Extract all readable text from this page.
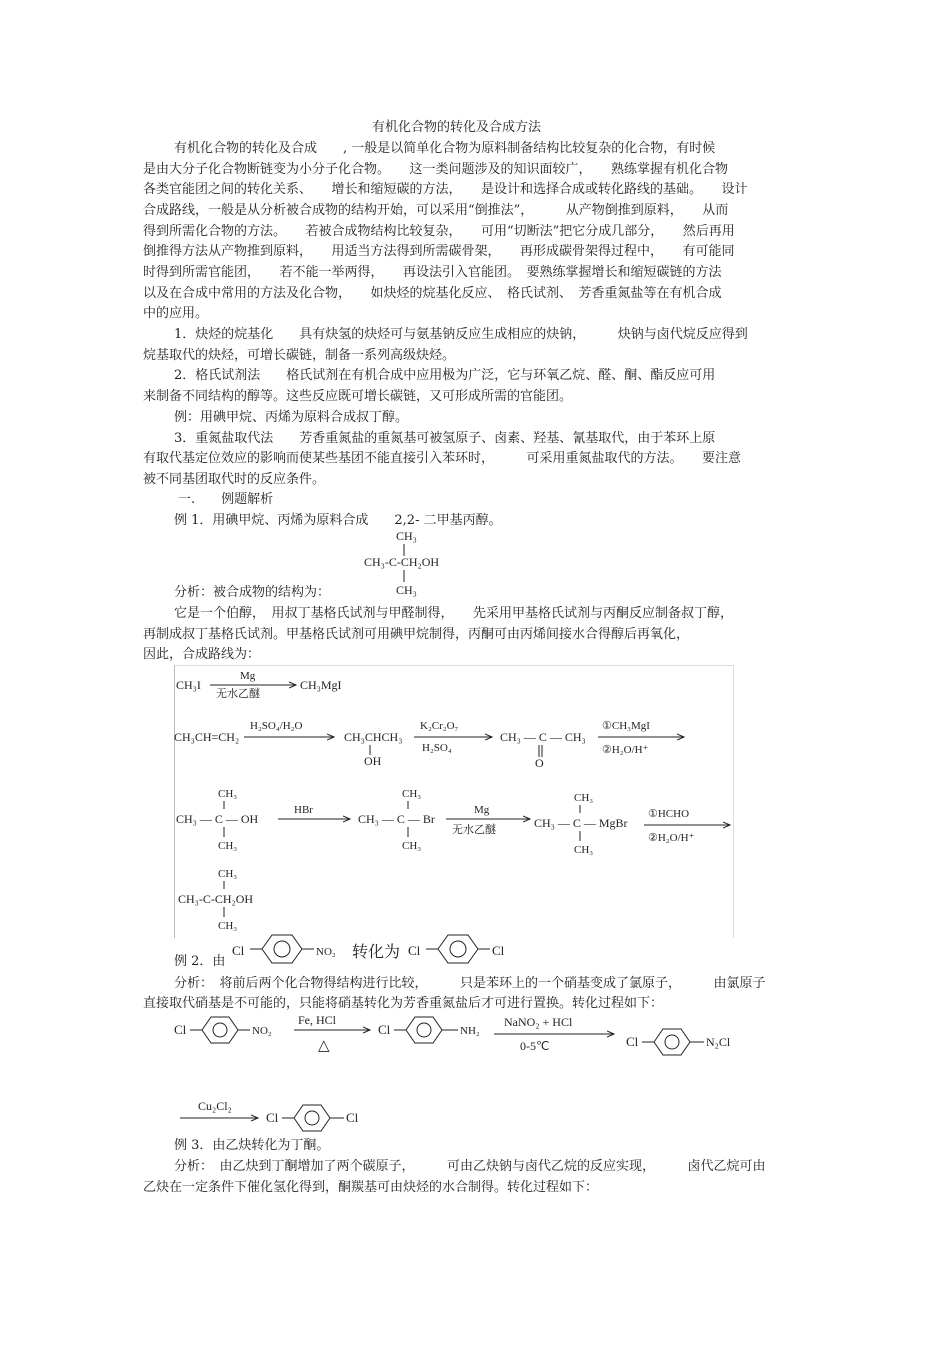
有机化合物的转化及合成方法
有机化合物的转化及合成　　, 一般是以简单化合物为原料制备结构比较复杂的化合物，有时候
是由大分子化合物断链变为小分子化合物。　　这一类问题涉及的知识面较广，　　熟练掌握有机化合物
各类官能团之间的转化关系、　　增长和缩短碳的方法，　　是设计和选择合成或转化路线的基础。　　设计
合成路线，一般是从分析被合成物的结构开始，可以采用“倒推法”，　　　从产物倒推到原料，　　从而
得到所需化合物的方法。　　若被合成物结构比较复杂，　　可用“切断法”把它分成几部分，　　然后再用
倒推得方法从产物推到原料，　　用适当方法得到所需碳骨架，　　再形成碳骨架得过程中，　　有可能同
时得到所需官能团，　　若不能一举两得，　　再设法引入官能团。　要熟练掌握增长和缩短碳链的方法
以及在合成中常用的方法及化合物，　　如炔烃的烷基化反应、　格氏试剂、　芳香重氮盐等在有机合成
中的应用。
1．炔烃的烷基化　　具有炔氢的炔烃可与氨基钠反应生成相应的炔钠，　　　炔钠与卤代烷反应得到
烷基取代的炔烃，可增长碳链，制备一系列高级炔烃。
2．格氏试剂法　　格氏试剂在有机合成中应用极为广泛，它与环氧乙烷、醛、酮、酯反应可用
来制备不同结构的醇等。这些反应既可增长碳链，又可形成所需的官能团。
例：用碘甲烷、丙烯为原料合成叔丁醇。
3．重氮盐取代法　　芳香重氮盐的重氮基可被氢原子、卤素、羟基、氰基取代，由于苯环上原
有取代基定位效应的影响而使某些基团不能直接引入苯环时，　　　可采用重氮盐取代的方法。　　要注意
被不同基团取代时的反应条件。
一.　　例题解析
例 1．用碘甲烷、丙烯为原料合成　　2,2- 二甲基丙醇。
CH₃
CH₃-C-CH₂OH
CH₃
分析：被合成物的结构为：
它是一个伯醇，　用叔丁基格氏试剂与甲醛制得，　　先采用甲基格氏试剂与丙酮反应制备叔丁醇，
再制成叔丁基格氏试剂。甲基格氏试剂可用碘甲烷制得，丙酮可由丙烯间接水合得醇后再氧化，
因此，合成路线为：
CH₃I
Mg
无水乙醚
CH₃MgI
CH₃CH=CH₂
H₂SO₄/H₂O
CH₃CHCH₃
OH
K₂Cr₂O₇
H₂SO₄
CH₃ — C — CH₃
O
①CH₃MgI
②H₂O/H⁺
CH₃
CH₃ — C — OH
CH₃
HBr
CH₃
CH₃ — C — Br
CH₃
Mg
无水乙醚
CH₃
CH₃ — C — MgBr
CH₃
①HCHO
②H₂O/H⁺
CH₃
CH₃-C-CH₂OH
CH₃
例 2．由
Cl	NO₂ 转化为 Cl	Cl
分析：　将前后两个化合物得结构进行比较，　　　只是苯环上的一个硝基变成了氯原子，　　　由氯原子
直接取代硝基是不可能的，只能将硝基转化为芳香重氮盐后才可进行置换。转化过程如下：
Cl	NO₂
Fe, HCl
△
Cl	NH₂
NaNO₂ + HCl
0-5℃	Cl	N₂Cl
Cu₂Cl₂
Cl	Cl
例 3．由乙炔转化为丁酮。
分析：　由乙炔到丁酮增加了两个碳原子，　　　可由乙炔钠与卤代乙烷的反应实现，　　　卤代乙烷可由
乙炔在一定条件下催化氢化得到，酮羰基可由炔烃的水合制得。转化过程如下：
